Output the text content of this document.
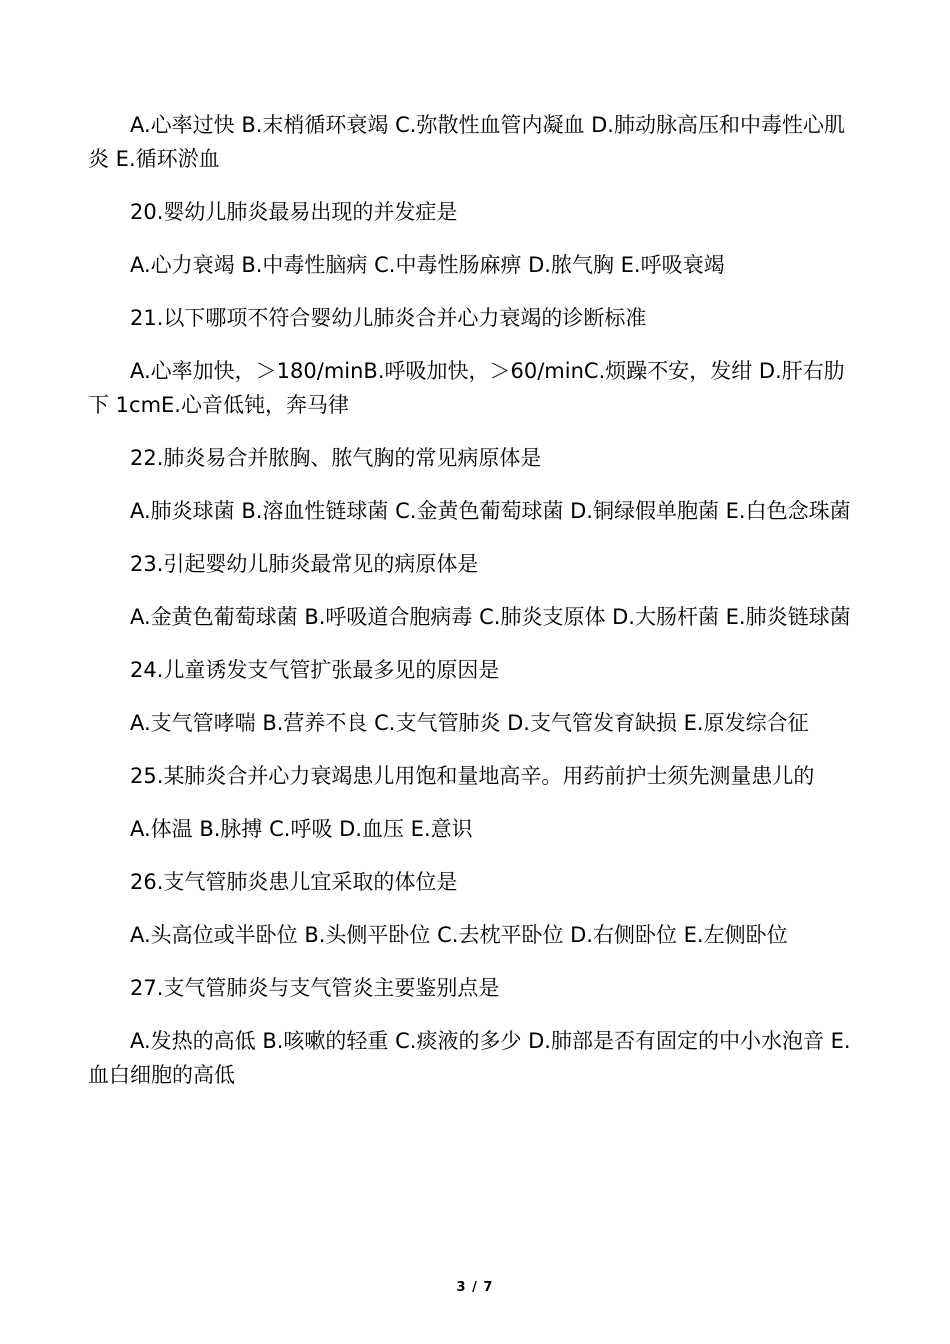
A.心率过快 B.末梢循环衰竭 C.弥散性血管内凝血 D.肺动脉高压和中毒性心肌炎 E.循环淤血

20.婴幼儿肺炎最易出现的并发症是

A.心力衰竭 B.中毒性脑病 C.中毒性肠麻痹 D.脓气胸 E.呼吸衰竭

21.以下哪项不符合婴幼儿肺炎合并心力衰竭的诊断标准

A.心率加快，＞180/minB.呼吸加快，＞60/minC.烦躁不安，发绀 D.肝右肋下 1cmE.心音低钝，奔马律

22.肺炎易合并脓胸、脓气胸的常见病原体是

A.肺炎球菌 B.溶血性链球菌 C.金黄色葡萄球菌 D.铜绿假单胞菌 E.白色念珠菌

23.引起婴幼儿肺炎最常见的病原体是

A.金黄色葡萄球菌 B.呼吸道合胞病毒 C.肺炎支原体 D.大肠杆菌 E.肺炎链球菌

24.儿童诱发支气管扩张最多见的原因是

A.支气管哮喘 B.营养不良 C.支气管肺炎 D.支气管发育缺损 E.原发综合征

25.某肺炎合并心力衰竭患儿用饱和量地高辛。用药前护士须先测量患儿的

A.体温 B.脉搏 C.呼吸 D.血压 E.意识

26.支气管肺炎患儿宜采取的体位是

A.头高位或半卧位 B.头侧平卧位 C.去枕平卧位 D.右侧卧位 E.左侧卧位

27.支气管肺炎与支气管炎主要鉴别点是

A.发热的高低 B.咳嗽的轻重 C.痰液的多少 D.肺部是否有固定的中小水泡音 E.血白细胞的高低

3 / 7
